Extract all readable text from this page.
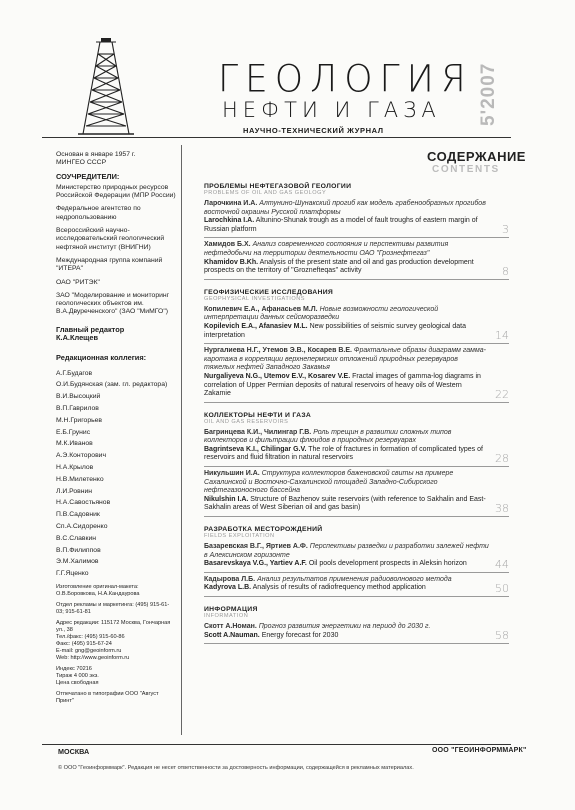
ГЕОЛОГИЯ
НЕФТИ И ГАЗА 5'2007
НАУЧНО-ТЕХНИЧЕСКИЙ ЖУРНАЛ
СОДЕРЖАНИЕ
CONTENTS
Основан в январе 1957 г.
МИНГЕО СССР
СОУЧРЕДИТЕЛИ:
Министерство природных ресурсов Российской Федерации (МПР России)
Федеральное агентство по недропользованию
Всероссийский научно-исследовательский геологический нефтяной институт (ВНИГНИ)
Международная группа компаний "ИТЕРА"
ОАО "РИТЭК"
ЗАО "Моделирование и мониторинг геологических объектов им. В.А.Двуреченского" (ЗАО "МиМГО")
Главный редактор
К.А.Клещев
Редакционная коллегия:
А.Г.Будагов
О.И.Будянская (зам. гл. редактора)
В.И.Высоцкий
В.П.Гаврилов
М.Н.Григорьев
Е.Б.Грунис
М.К.Иванов
А.Э.Конторович
Н.А.Крылов
Н.В.Милетенко
Л.И.Ровнин
Н.А.Савостьянов
П.В.Садовник
Сп.А.Сидоренко
В.С.Славкин
В.П.Филиппов
Э.М.Халимов
Г.Г.Яценко
Изготовление оригинал-макета:
О.В.Боровкова, Н.А.Кандаурова
Отдел рекламы и маркетинга: (495) 915-61-03; 915-61-81
Адрес редакции: 115172 Москва, Гончарная ул., 38
Тел./факс: (495) 915-60-86
Факс: (495) 915-67-24
E-mail: gng@geoinform.ru
Web: http://www.geoinform.ru
Индекс 70216
Тираж 4 000 экз.
Цена свободная
Отпечатано в типографии ООО "Август Принт"
ПРОБЛЕМЫ НЕФТЕГАЗОВОЙ ГЕОЛОГИИ
PROBLEMS OF OIL AND GAS GEOLOGY
Ларочкина И.А. Алтунино-Шунакский прогиб как модель грабенообразных прогибов восточной окраины Русской платформы
Larochkina I.A. Altunino-Shunak trough as a model of fault troughs of eastern margin of Russian platform	3
Хамидов Б.Х. Анализ современного состояния и перспективы развития нефтедобычи на территории деятельности ОАО "Грознефтегаз"
Khamidov B.Kh. Analysis of the present state and oil and gas production development prospects on the territory of "Groznefteqas" activity	8
ГЕОФИЗИЧЕСКИЕ ИССЛЕДОВАНИЯ
GEOPHYSICAL INVESTIGATIONS
Копилевич Е.А., Афанасьев М.Л. Новые возможности геологической интерпретации данных сейсморазведки
Kopilevich E.A., Afanasiev M.L. New possibilities of seismic survey geological data interpretation	14
Нургалиева Н.Г., Утемов Э.В., Косарев В.Е. Фрактальные образы диаграмм гамма-каротажа в корреляции верхнепермских отложений природных резервуаров тяжелых нефтей Западного Закамья
Nurgaliyeva N.G., Utemov E.V., Kosarev V.E. Fractal images of gamma-log diagrams in correlation of Upper Permian deposits of natural reservoirs of heavy oils of Western Zakamie	22
КОЛЛЕКТОРЫ НЕФТИ И ГАЗА
OIL AND GAS RESERVOIRS
Багринцева К.И., Чилингар Г.В. Роль трещин в развитии сложных типов коллекторов и фильтрации флюидов в природных резервуарах
Bagrintseva K.I., Chilingar G.V. The role of fractures in formation of complicated types of reservoirs and fluid filtration in natural reservoirs	28
Никульшин И.А. Структура коллекторов баженовской свиты на примере Сахалинской и Восточно-Сахалинской площадей Западно-Сибирского нефтегазоносного бассейна
Nikulshin I.A. Structure of Bazhenov suite reservoirs (with reference to Sakhalin and East-Sakhalin areas of West Siberian oil and gas basin)	38
РАЗРАБОТКА МЕСТОРОЖДЕНИЙ
FIELDS EXPLOITATION
Базаревская В.Г., Яртиев А.Ф. Перспективы разведки и разработки залежей нефти в Алексинском горизонте
Basarevskaya V.G., Yartiev A.F. Oil pools development prospects in Aleksin horizon	44
Кадырова Л.Б. Анализ результатов применения радиоволнового метода
Kadyrova L.B. Analysis of results of radiofrequency method application	50
ИНФОРМАЦИЯ
INFORMATION
Скотт А.Номан. Прогноз развития энергетики на период до 2030 г.
Scott A.Nauman. Energy forecast for 2030	58
МОСКВА	ООО "ГЕОИНФОРММАРК"
© ООО "Геоинформмарк". Редакция не несет ответственности за достоверность информации, содержащейся в рекламных материалах.
